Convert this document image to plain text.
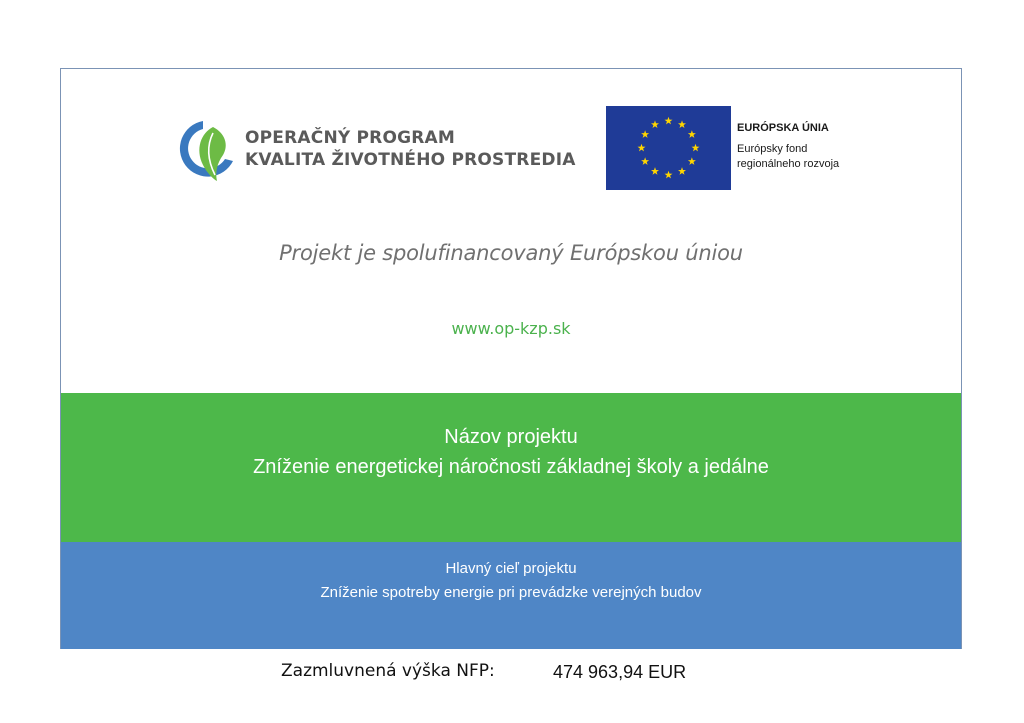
OPERAČNÝ PROGRAM
KVALITA ŽIVOTNÉHO PROSTREDIA
EURÓPSKA ÚNIA
Európsky fond
regionálneho rozvoja
Projekt je spolufinancovaný Európskou úniou
www.op-kzp.sk
Názov projektu
Zníženie energetickej náročnosti základnej školy a jedálne
Hlavný cieľ projektu
Zníženie spotreby energie pri prevádzke verejných budov
Zazmluvnená výška NFP:	474 963,94 EUR
